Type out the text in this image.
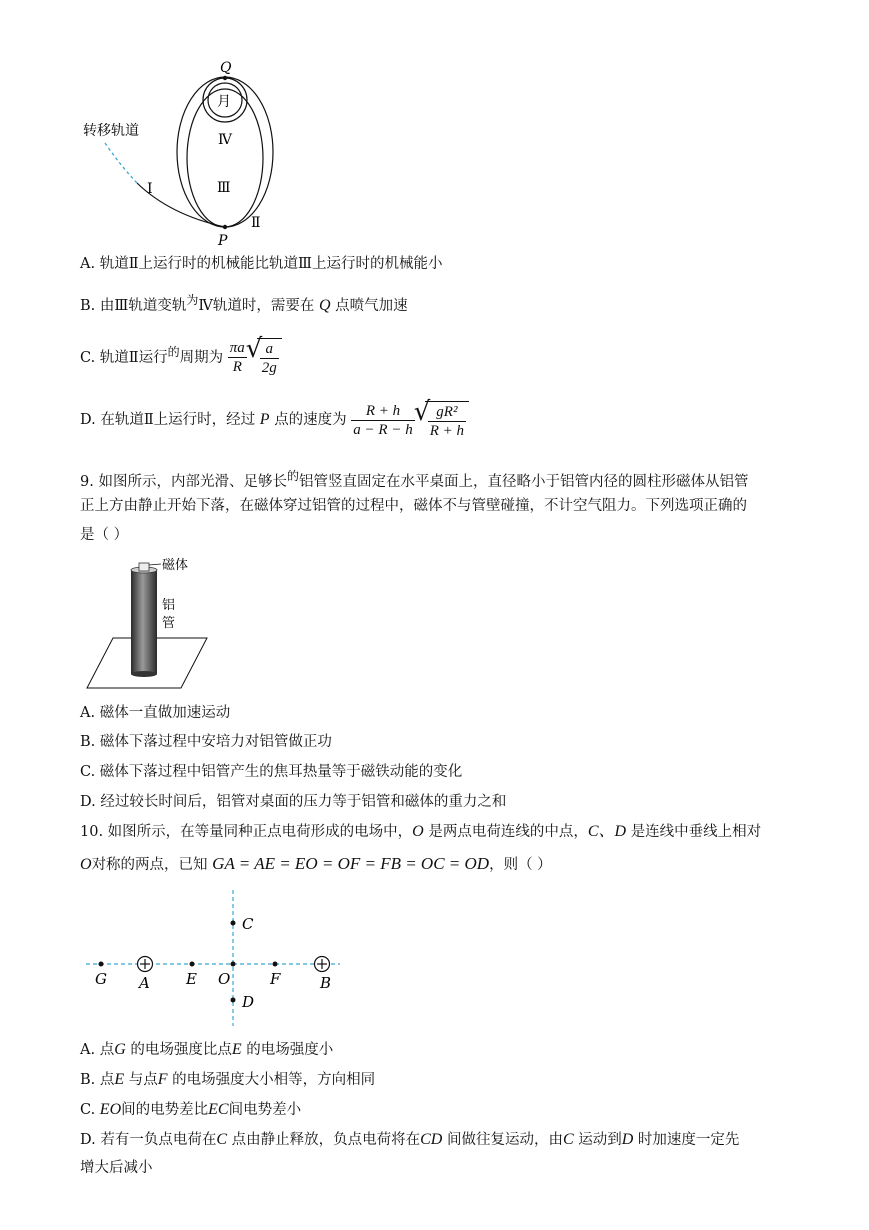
Q
P
月
Ⅳ
Ⅲ
Ⅰ
Ⅱ
转移轨道
A. 轨道Ⅱ上运行时的机械能比轨道Ⅲ上运行时的机械能小
B. 由Ⅲ轨道变轨$^为$Ⅳ轨道时，需要在 Q 点喷气加速
C. 轨道Ⅱ运行$^的$周期为 $\frac{\pi a}{R}$ √ $\frac{a}{2g}$
D. 在轨道Ⅱ上运行时，经过 P 点的速度为 $\frac{R + h}{a - R - h}$ √ $\frac{\text{gR²}}{R + h}$
9. 如图所示，内部光滑、足够长$^的$铝管竖直固定在水平桌面上，直径略小于铝管内径的圆柱形磁体从铝管
正上方由静止开始下落，在磁体穿过铝管的过程中，磁体不与管壁碰撞，不计空气阻力。下列选项正确的
是（ ）
磁体
铝
管
A. 磁体一直做加速运动
B. 磁体下落过程中安培力对铝管做正功
C. 磁体下落过程中铝管产生的焦耳热量等于磁铁动能的变化
D. 经过较长时间后，铝管对桌面的压力等于铝管和磁体的重力之和
10. 如图所示，在等量同种正点电荷形成的电场中，O 是两点电荷连线的中点，C、D 是连线中垂线上相对
O对称的两点，已知 GA = AE = EO = OF = FB = OC = OD，则（ ）
C
D
G A E O	F	B
A. 点G 的电场强度比点E 的电场强度小
B. 点E 与点F 的电场强度大小相等，方向相同
C. EO间的电势差比EC间电势差小
D. 若有一负点电荷在C 点由静止释放，负点电荷将在CD 间做往复运动，由C 运动到D 时加速度一定先
增大后减小
